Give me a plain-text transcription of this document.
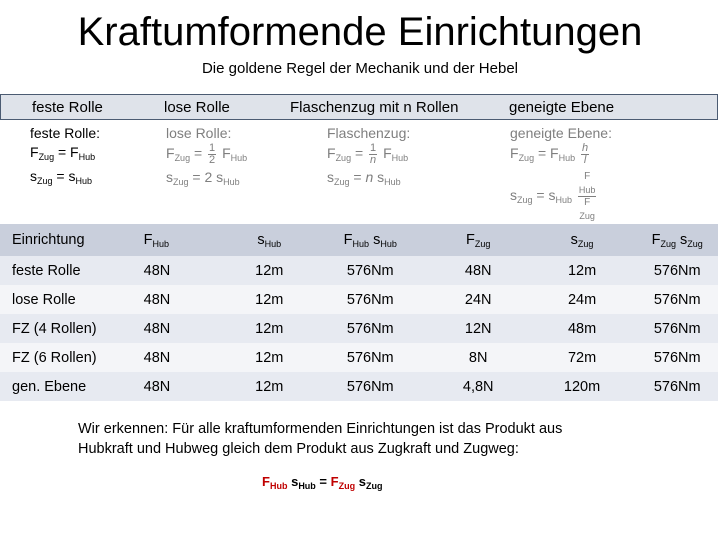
Kraftumformende Einrichtungen
Die goldene Regel der Mechanik und der Hebel
feste Rolle	lose Rolle	Flaschenzug mit n Rollen	geneigte Ebene
feste Rolle:
$F_{Zug} = F_{Hub}$
$s_{Zug} = s_{Hub}$
lose Rolle:
$F_{Zug} = \frac{1}{2} F_{Hub}$
$s_{Zug} = 2$ $s_{Hub}$
Flaschenzug:
$F_{Zug} = \frac{1}{n} F_{Hub}$
$s_{Zug} = n$ $s_{Hub}$
geneigte Ebene:
$F_{Zug} = F_{Hub} \frac{h}{l}$
$s_{Zug} = s_{Hub}$ F
$_{Hub}$
F
$_{Zug}$
Einrichtung	$F_{Hub}$	$s_{Hub}$	$F_{Hub}$ $s_{Hub}$	$F_{Zug}$	$s_{Zug}$	$F_{Zug}$ $s_{Zug}$
feste Rolle	48N	12m	576Nm	48N	12m	576Nm
lose Rolle	48N	12m	576Nm	24N	24m	576Nm
FZ (4 Rollen)	48N	12m	576Nm	12N	48m	576Nm
FZ (6 Rollen)	48N	12m	576Nm	8N	72m	576Nm
gen. Ebene	48N	12m	576Nm	4,8N	120m	576Nm
Wir erkennen: Für alle kraftumformenden Einrichtungen ist das Produkt aus
Hubkraft und Hubweg gleich dem Produkt aus Zugkraft und Zugweg:
$F_{Hub}$ $s_{Hub} = F_{Zug}$ $s_{Zug}$
